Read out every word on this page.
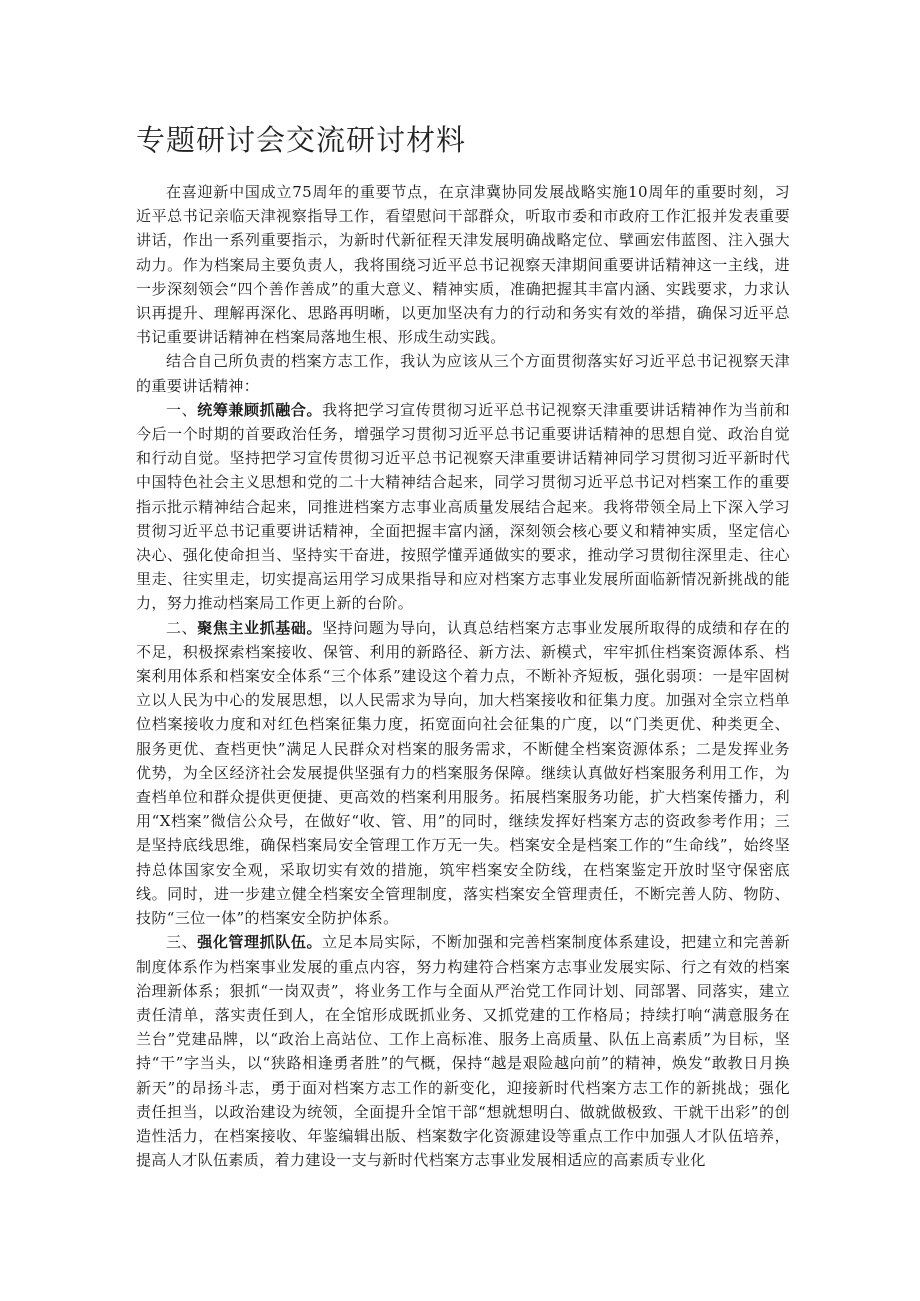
专题研讨会交流研讨材料

在喜迎新中国成立75周年的重要节点，在京津冀协同发展战略实施10周年的重要时刻，习近平总书记亲临天津视察指导工作，看望慰问干部群众，听取市委和市政府工作汇报并发表重要讲话，作出一系列重要指示，为新时代新征程天津发展明确战略定位、擘画宏伟蓝图、注入强大动力。作为档案局主要负责人，我将围绕习近平总书记视察天津期间重要讲话精神这一主线，进一步深刻领会“四个善作善成”的重大意义、精神实质，准确把握其丰富内涵、实践要求，力求认识再提升、理解再深化、思路再明晰，以更加坚决有力的行动和务实有效的举措，确保习近平总书记重要讲话精神在档案局落地生根、形成生动实践。

结合自己所负责的档案方志工作，我认为应该从三个方面贯彻落实好习近平总书记视察天津的重要讲话精神：

一、统筹兼顾抓融合。我将把学习宣传贯彻习近平总书记视察天津重要讲话精神作为当前和今后一个时期的首要政治任务，增强学习贯彻习近平总书记重要讲话精神的思想自觉、政治自觉和行动自觉。坚持把学习宣传贯彻习近平总书记视察天津重要讲话精神同学习贯彻习近平新时代中国特色社会主义思想和党的二十大精神结合起来，同学习贯彻习近平总书记对档案工作的重要指示批示精神结合起来，同推进档案方志事业高质量发展结合起来。我将带领全局上下深入学习贯彻习近平总书记重要讲话精神，全面把握丰富内涵，深刻领会核心要义和精神实质，坚定信心决心、强化使命担当、坚持实干奋进，按照学懂弄通做实的要求，推动学习贯彻往深里走、往心里走、往实里走，切实提高运用学习成果指导和应对档案方志事业发展所面临新情况新挑战的能力，努力推动档案局工作更上新的台阶。

二、聚焦主业抓基础。坚持问题为导向，认真总结档案方志事业发展所取得的成绩和存在的不足，积极探索档案接收、保管、利用的新路径、新方法、新模式，牢牢抓住档案资源体系、档案利用体系和档案安全体系“三个体系”建设这个着力点，不断补齐短板，强化弱项：一是牢固树立以人民为中心的发展思想，以人民需求为导向，加大档案接收和征集力度。加强对全宗立档单位档案接收力度和对红色档案征集力度，拓宽面向社会征集的广度，以“门类更优、种类更全、服务更优、查档更快”满足人民群众对档案的服务需求，不断健全档案资源体系；二是发挥业务优势，为全区经济社会发展提供坚强有力的档案服务保障。继续认真做好档案服务利用工作，为查档单位和群众提供更便捷、更高效的档案利用服务。拓展档案服务功能，扩大档案传播力，利用“X档案”微信公众号，在做好“收、管、用”的同时，继续发挥好档案方志的资政参考作用；三是坚持底线思维，确保档案局安全管理工作万无一失。档案安全是档案工作的“生命线”，始终坚持总体国家安全观，采取切实有效的措施，筑牢档案安全防线，在档案鉴定开放时坚守保密底线。同时，进一步建立健全档案安全管理制度，落实档案安全管理责任，不断完善人防、物防、技防“三位一体”的档案安全防护体系。

三、强化管理抓队伍。立足本局实际，不断加强和完善档案制度体系建设，把建立和完善新制度体系作为档案事业发展的重点内容，努力构建符合档案方志事业发展实际、行之有效的档案治理新体系；狠抓“一岗双责”，将业务工作与全面从严治党工作同计划、同部署、同落实，建立责任清单，落实责任到人，在全馆形成既抓业务、又抓党建的工作格局；持续打响“满意服务在兰台”党建品牌，以“政治上高站位、工作上高标准、服务上高质量、队伍上高素质”为目标，坚持“干”字当头，以“狭路相逢勇者胜”的气概，保持“越是艰险越向前”的精神，焕发“敢教日月换新天”的昂扬斗志，勇于面对档案方志工作的新变化，迎接新时代档案方志工作的新挑战；强化责任担当，以政治建设为统领，全面提升全馆干部“想就想明白、做就做极致、干就干出彩”的创造性活力，在档案接收、年鉴编辑出版、档案数字化资源建设等重点工作中加强人才队伍培养，提高人才队伍素质，着力建设一支与新时代档案方志事业发展相适应的高素质专业化
